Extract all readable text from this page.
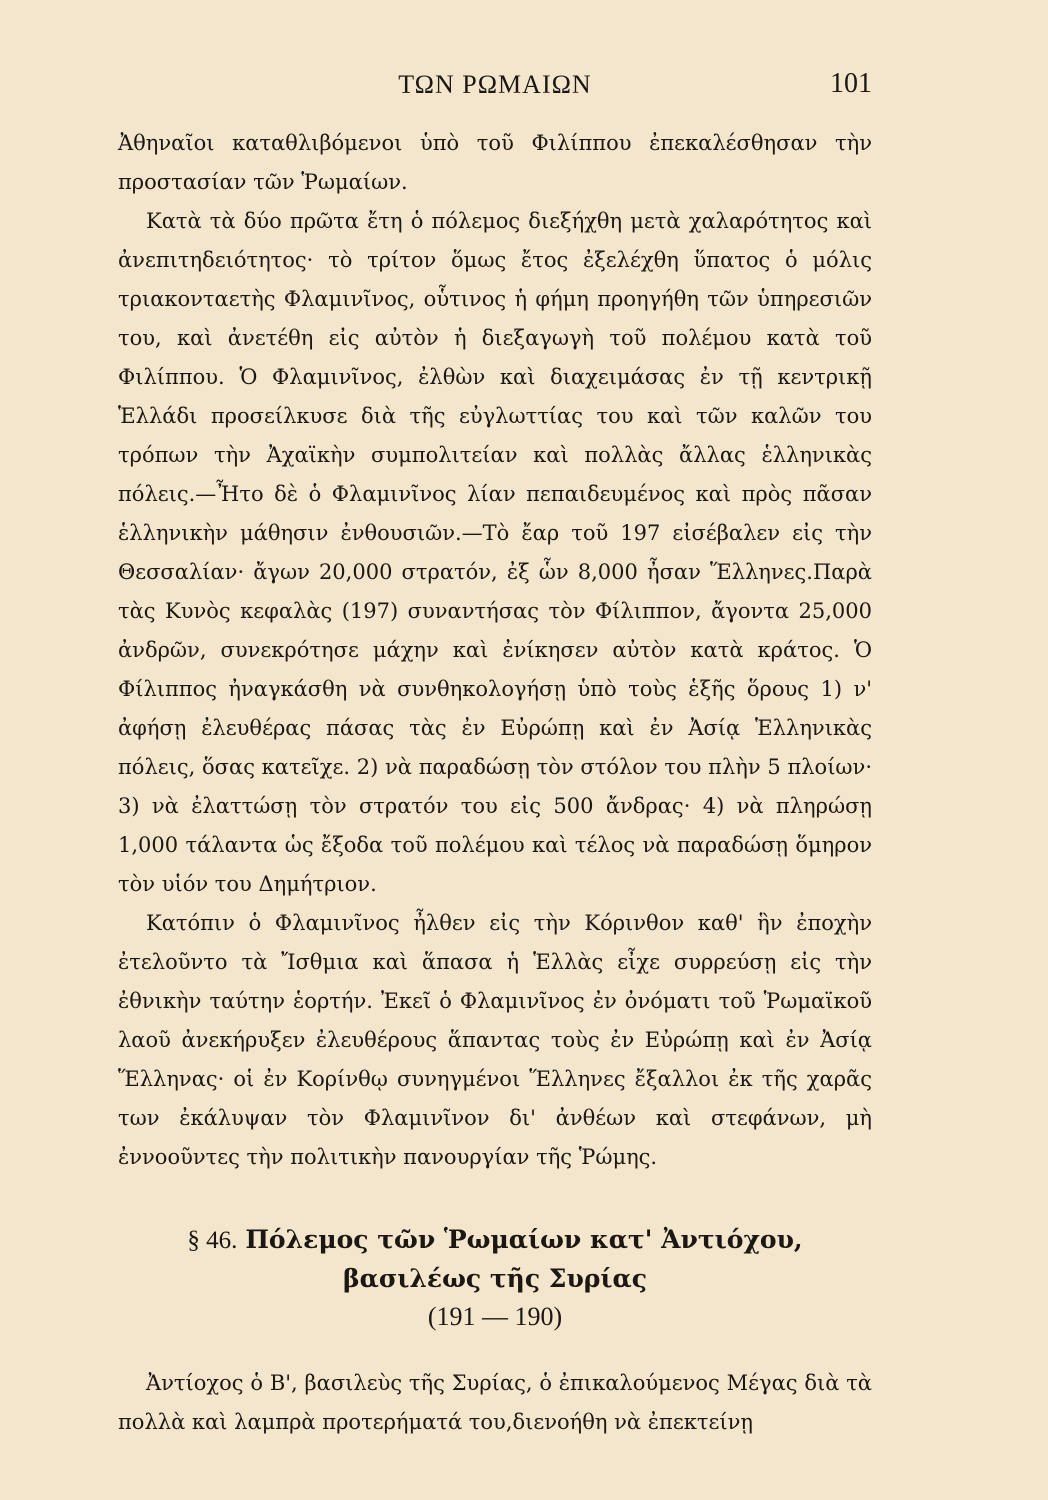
ΤΩΝ ΡΩΜΑΙΩΝ	101

Ἀθηναῖοι καταθλιβόμενοι ὑπὸ τοῦ Φιλίππου ἐπεκαλέσθησαν τὴν προστασίαν τῶν Ῥωμαίων.

Κατὰ τὰ δύο πρῶτα ἔτη ὁ πόλεμος διεξήχθη μετὰ χαλαρότητος καὶ ἀνεπιτηδειότητος· τὸ τρίτον ὅμως ἔτος ἐξελέχθη ὕπατος ὁ μόλις τριακονταετὴς Φλαμινῖνος, οὗτινος ἡ φήμη προηγήθη τῶν ὑπηρεσιῶν του, καὶ ἀνετέθη εἰς αὐτὸν ἡ διεξαγωγὴ τοῦ πολέμου κατὰ τοῦ Φιλίππου. Ὁ Φλαμινῖνος, ἐλθὼν καὶ διαχειμάσας ἐν τῇ κεντρικῇ Ἑλλάδι προσείλκυσε διὰ τῆς εὐγλωττίας του καὶ τῶν καλῶν του τρόπων τὴν Ἀχαϊκὴν συμπολιτείαν καὶ πολλὰς ἄλλας ἑλληνικὰς πόλεις.—Ἦτο δὲ ὁ Φλαμινῖνος λίαν πεπαιδευμένος καὶ πρὸς πᾶσαν ἑλληνικὴν μάθησιν ἐνθουσιῶν.—Τὸ ἔαρ τοῦ 197 εἰσέβαλεν εἰς τὴν Θεσσαλίαν· ἄγων 20,000 στρατόν, ἐξ ὧν 8,000 ἦσαν Ἕλληνες.Παρὰ τὰς Κυνὸς κεφαλὰς (197) συναντήσας τὸν Φίλιππον, ἄγοντα 25,000 ἀνδρῶν, συνεκρότησε μάχην καὶ ἐνίκησεν αὐτὸν κατὰ κράτος. Ὁ Φίλιππος ἠναγκάσθη νὰ συνθηκολογήσῃ ὑπὸ τοὺς ἑξῆς ὅρους 1) ν' ἀφήσῃ ἐλευθέρας πάσας τὰς ἐν Εὐρώπῃ καὶ ἐν Ἀσίᾳ Ἑλληνικὰς πόλεις, ὅσας κατεῖχε. 2) νὰ παραδώσῃ τὸν στόλον του πλὴν 5 πλοίων· 3) νὰ ἐλαττώσῃ τὸν στρατόν του εἰς 500 ἄνδρας· 4) νὰ πληρώσῃ 1,000 τάλαντα ὡς ἔξοδα τοῦ πολέμου καὶ τέλος νὰ παραδώσῃ ὅμηρον τὸν υἱόν του Δημήτριον.

Κατόπιν ὁ Φλαμινῖνος ἦλθεν εἰς τὴν Κόρινθον καθ' ἣν ἐποχὴν ἐτελοῦντο τὰ Ἴσθμια καὶ ἅπασα ἡ Ἑλλὰς εἶχε συρρεύσῃ εἰς τὴν ἐθνικὴν ταύτην ἑορτήν. Ἐκεῖ ὁ Φλαμινῖνος ἐν ὀνόματι τοῦ Ῥωμαϊκοῦ λαοῦ ἀνεκήρυξεν ἐλευθέρους ἅπαντας τοὺς ἐν Εὐρώπῃ καὶ ἐν Ἀσίᾳ Ἕλληνας· οἱ ἐν Κορίνθῳ συνηγμένοι Ἕλληνες ἔξαλλοι ἐκ τῆς χαρᾶς των ἐκάλυψαν τὸν Φλαμινῖνον δι' ἀνθέων καὶ στεφάνων, μὴ ἐννοοῦντες τὴν πολιτικὴν πανουργίαν τῆς Ῥώμης.

§ 46. Πόλεμος τῶν Ῥωμαίων κατ' Ἀντιόχου, βασιλέως τῆς Συρίας
(191 — 190)

Ἀντίοχος ὁ Β', βασιλεὺς τῆς Συρίας, ὁ ἐπικαλούμενος Μέγας διὰ τὰ πολλὰ καὶ λαμπρὰ προτερήματά του,διενοήθη νὰ ἐπεκτείνῃ
